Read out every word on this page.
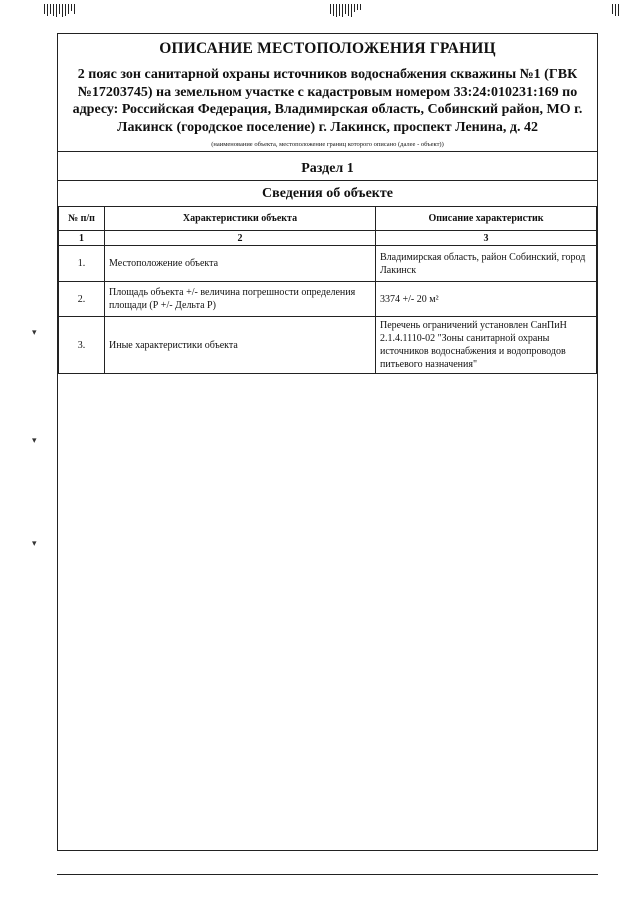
▾
▾
▾
ОПИСАНИЕ МЕСТОПОЛОЖЕНИЯ ГРАНИЦ
2 пояс зон санитарной охраны источников водоснабжения скважины №1 (ГВК №17203745) на земельном участке с кадастровым номером 33:24:010231:169 по адресу: Российская Федерация, Владимирская область, Собинский район, МО г. Лакинск (городское поселение) г. Лакинск, проспект Ленина, д. 42
(наименование объекта, местоположение границ которого описано (далее - объект))
Раздел 1
Сведения об объекте
№ п/п	Характеристики объекта	Описание характеристик
1	2	3
1.	Местоположение объекта	Владимирская область, район Собинский, город Лакинск
2.	Площадь объекта +/- величина погрешности определения площади (Р +/- Дельта Р)	3374 +/- 20 м²
3.	Иные характеристики объекта	Перечень ограничений установлен СанПиН 2.1.4.1110-02 "Зоны санитарной охраны источников водоснабжения и водопроводов питьевого назначения"
